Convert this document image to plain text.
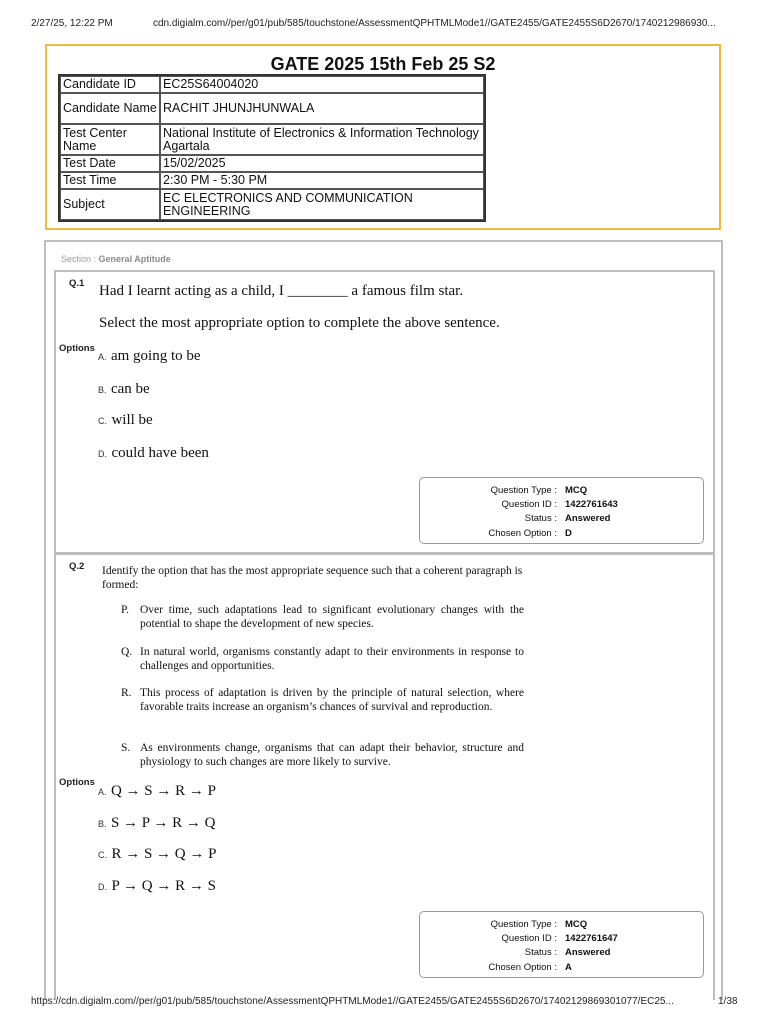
2/27/25, 12:22 PM	cdn.digialm.com//per/g01/pub/585/touchstone/AssessmentQPHTMLMode1//GATE2455/GATE2455S6D2670/1740212986930...
GATE 2025 15th Feb 25 S2
Candidate ID	EC25S64004020
Candidate Name	RACHIT JHUNJHUNWALA
Test Center Name	National Institute of Electronics & Information Technology Agartala
Test Date	15/02/2025
Test Time	2:30 PM - 5:30 PM
Subject	EC ELECTRONICS AND COMMUNICATION ENGINEERING
Section : General Aptitude
Q.1 Had I learnt acting as a child, I ________ a famous film star.
Select the most appropriate option to complete the above sentence.
Options
A. am going to be
B. can be
C. will be
D. could have been
Question Type : MCQ
Question ID : 1422761643
Status : Answered
Chosen Option : D
Q.2 Identify the option that has the most appropriate sequence such that a coherent paragraph is formed:
P. Over time, such adaptations lead to significant evolutionary changes with the potential to shape the development of new species.
Q. In natural world, organisms constantly adapt to their environments in response to challenges and opportunities.
R. This process of adaptation is driven by the principle of natural selection, where favorable traits increase an organism’s chances of survival and reproduction.
S. As environments change, organisms that can adapt their behavior, structure and physiology to such changes are more likely to survive.
Options
A. Q → S → R → P
B. S → P → R → Q
C. R → S → Q → P
D. P → Q → R → S
Question Type : MCQ
Question ID : 1422761647
Status : Answered
Chosen Option : A
https://cdn.digialm.com//per/g01/pub/585/touchstone/AssessmentQPHTMLMode1//GATE2455/GATE2455S6D2670/17402129869301077/EC25...	1/38
